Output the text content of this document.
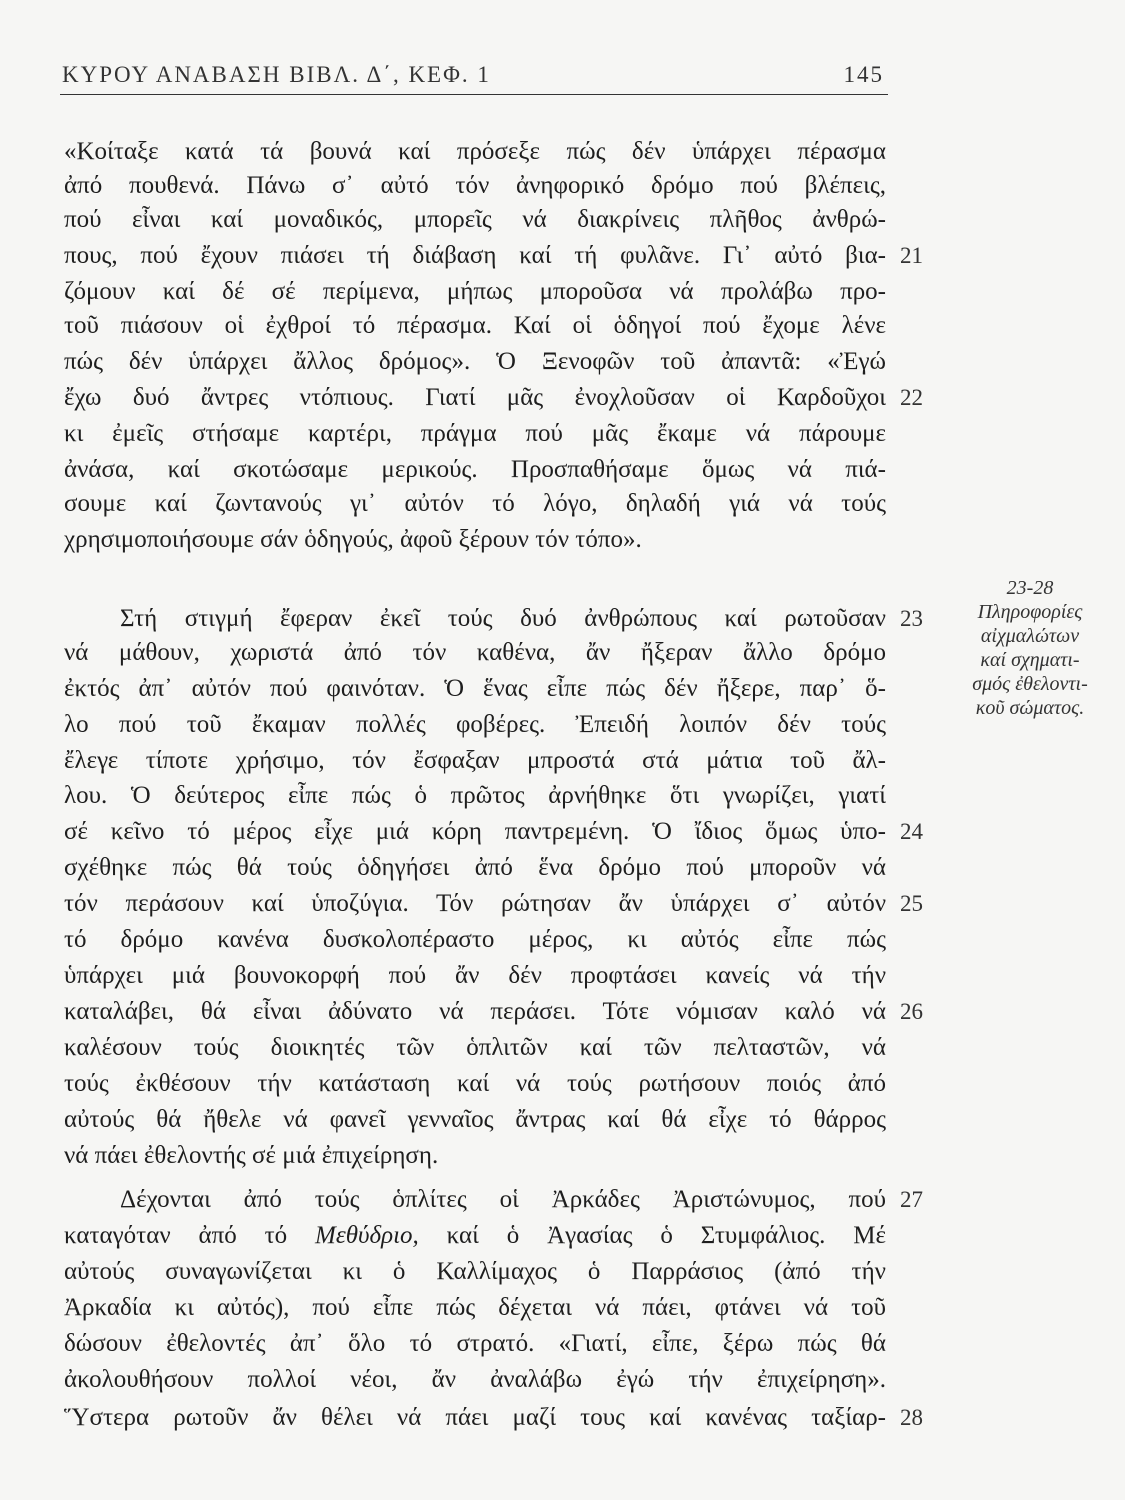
ΚΥΡΟΥ ΑΝΑΒΑΣΗ ΒΙΒΛ. Δ΄, ΚΕΦ. 1	145
«Κοίταξε κατά τά βουνά καί πρόσεξε πώς δέν ὑπάρχει πέρασμα
ἀπό πουθενά. Πάνω σ᾽ αὐτό τόν ἀνηφορικό δρόμο πού βλέπεις,
πού εἶναι καί μοναδικός, μπορεῖς νά διακρίνεις πλῆθος ἀνθρώ-
πους, πού ἔχουν πιάσει τή διάβαση καί τή φυλᾶνε. Γι᾽ αὐτό βια-
ζόμουν καί δέ σέ περίμενα, μήπως μποροῦσα νά προλάβω προ-
τοῦ πιάσουν οἱ ἐχθροί τό πέρασμα. Καί οἱ ὁδηγοί πού ἔχομε λένε
πώς δέν ὑπάρχει ἄλλος δρόμος». Ὁ Ξενοφῶν τοῦ ἀπαντᾶ: «Ἐγώ
ἔχω δυό ἄντρες ντόπιους. Γιατί μᾶς ἐνοχλοῦσαν οἱ Καρδοῦχοι
κι ἐμεῖς στήσαμε καρτέρι, πράγμα πού μᾶς ἔκαμε νά πάρουμε
ἀνάσα, καί σκοτώσαμε μερικούς. Προσπαθήσαμε ὅμως νά πιά-
σουμε καί ζωντανούς γι᾽ αὐτόν τό λόγο, δηλαδή γιά νά τούς
χρησιμοποιήσουμε σάν ὁδηγούς, ἀφοῦ ξέρουν τόν τόπο».
Στή στιγμή ἔφεραν ἐκεῖ τούς δυό ἀνθρώπους καί ρωτοῦσαν
νά μάθουν, χωριστά ἀπό τόν καθένα, ἄν ἤξεραν ἄλλο δρόμο
ἐκτός ἀπ᾽ αὐτόν πού φαινόταν. Ὁ ἕνας εἶπε πώς δέν ἤξερε, παρ᾽ ὅ-
λο πού τοῦ ἔκαμαν πολλές φοβέρες. Ἐπειδή λοιπόν δέν τούς
ἔλεγε τίποτε χρήσιμο, τόν ἔσφαξαν μπροστά στά μάτια τοῦ ἄλ-
λου. Ὁ δεύτερος εἶπε πώς ὁ πρῶτος ἀρνήθηκε ὅτι γνωρίζει, γιατί
σέ κεῖνο τό μέρος εἶχε μιά κόρη παντρεμένη. Ὁ ἴδιος ὅμως ὑπο-
σχέθηκε πώς θά τούς ὁδηγήσει ἀπό ἕνα δρόμο πού μποροῦν νά
τόν περάσουν καί ὑποζύγια. Τόν ρώτησαν ἄν ὑπάρχει σ᾽ αὐτόν
τό δρόμο κανένα δυσκολοπέραστο μέρος, κι αὐτός εἶπε πώς
ὑπάρχει μιά βουνοκορφή πού ἄν δέν προφτάσει κανείς νά τήν
καταλάβει, θά εἶναι ἀδύνατο νά περάσει. Τότε νόμισαν καλό νά
καλέσουν τούς διοικητές τῶν ὁπλιτῶν καί τῶν πελταστῶν, νά
τούς ἐκθέσουν τήν κατάσταση καί νά τούς ρωτήσουν ποιός ἀπό
αὐτούς θά ἤθελε νά φανεῖ γενναῖος ἄντρας καί θά εἶχε τό θάρρος
νά πάει ἐθελοντής σέ μιά ἐπιχείρηση.
Δέχονται ἀπό τούς ὁπλίτες οἱ Ἀρκάδες Ἀριστώνυμος, πού
καταγόταν ἀπό τό Μεθύδριο, καί ὁ Ἀγασίας ὁ Στυμφάλιος. Μέ
αὐτούς συναγωνίζεται κι ὁ Καλλίμαχος ὁ Παρράσιος (ἀπό τήν
Ἀρκαδία κι αὐτός), πού εἶπε πώς δέχεται νά πάει, φτάνει νά τοῦ
δώσουν ἐθελοντές ἀπ᾽ ὅλο τό στρατό. «Γιατί, εἶπε, ξέρω πώς θά
ἀκολουθήσουν πολλοί νέοι, ἄν ἀναλάβω ἐγώ τήν ἐπιχείρηση».
Ὕστερα ρωτοῦν ἄν θέλει νά πάει μαζί τους καί κανένας ταξίαρ-
21
22
23
24
25
26
27
28
23-28
Πληροφορίες
αἰχμαλώτων
καί σχηματι-
σμός ἐθελοντι-
κοῦ σώματος.
